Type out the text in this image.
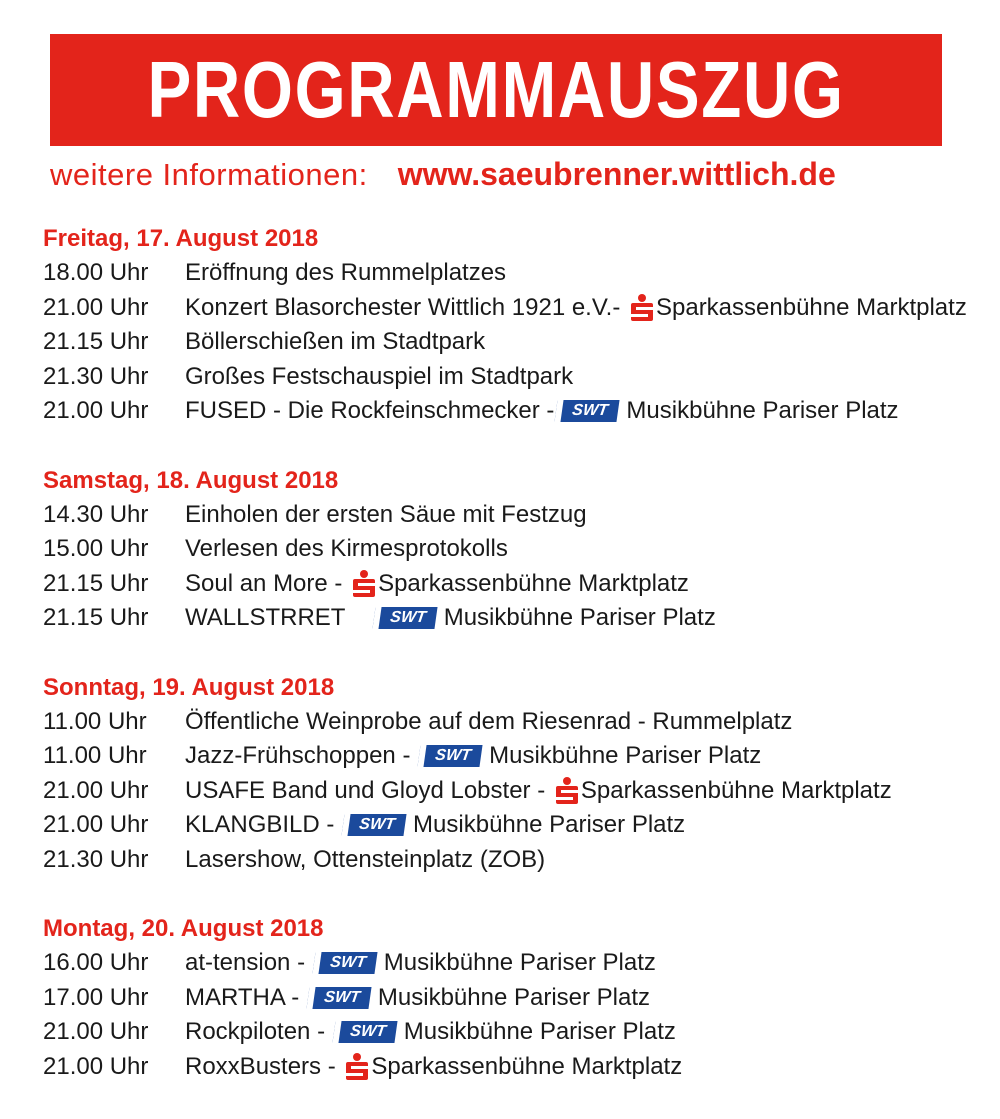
PROGRAMMAUSZUG
weitere Informationen: www.saeubrenner.wittlich.de
Freitag, 17. August 2018
18.00 Uhr	Eröffnung des Rummelplatzes
21.00 Uhr	Konzert Blasorchester Wittlich 1921 e.V.- Sparkassenbühne Marktplatz
21.15 Uhr	Böllerschießen im Stadtpark
21.30 Uhr	Großes Festschauspiel im Stadtpark
21.00 Uhr	FUSED - Die Rockfeinschmecker -	SWT Musikbühne Pariser Platz
Samstag, 18. August 2018
14.30 Uhr	Einholen der ersten Säue mit Festzug
15.00 Uhr	Verlesen des Kirmesprotokolls
21.15 Uhr	Soul an More - Sparkassenbühne Marktplatz
21.15 Uhr	WALLSTRRET	SWT Musikbühne Pariser Platz
Sonntag, 19. August 2018
11.00 Uhr	Öffentliche Weinprobe auf dem Riesenrad - Rummelplatz
11.00 Uhr	Jazz-Frühschoppen -	SWT Musikbühne Pariser Platz
21.00 Uhr	USAFE Band und Gloyd Lobster - Sparkassenbühne Marktplatz
21.00 Uhr	KLANGBILD -	SWT Musikbühne Pariser Platz
21.30 Uhr	Lasershow, Ottensteinplatz (ZOB)
Montag, 20. August 2018
16.00 Uhr	at-tension -	SWT Musikbühne Pariser Platz
17.00 Uhr	MARTHA -	SWT Musikbühne Pariser Platz
21.00 Uhr	Rockpiloten -	SWT Musikbühne Pariser Platz
21.00 Uhr	RoxxBusters - Sparkassenbühne Marktplatz
